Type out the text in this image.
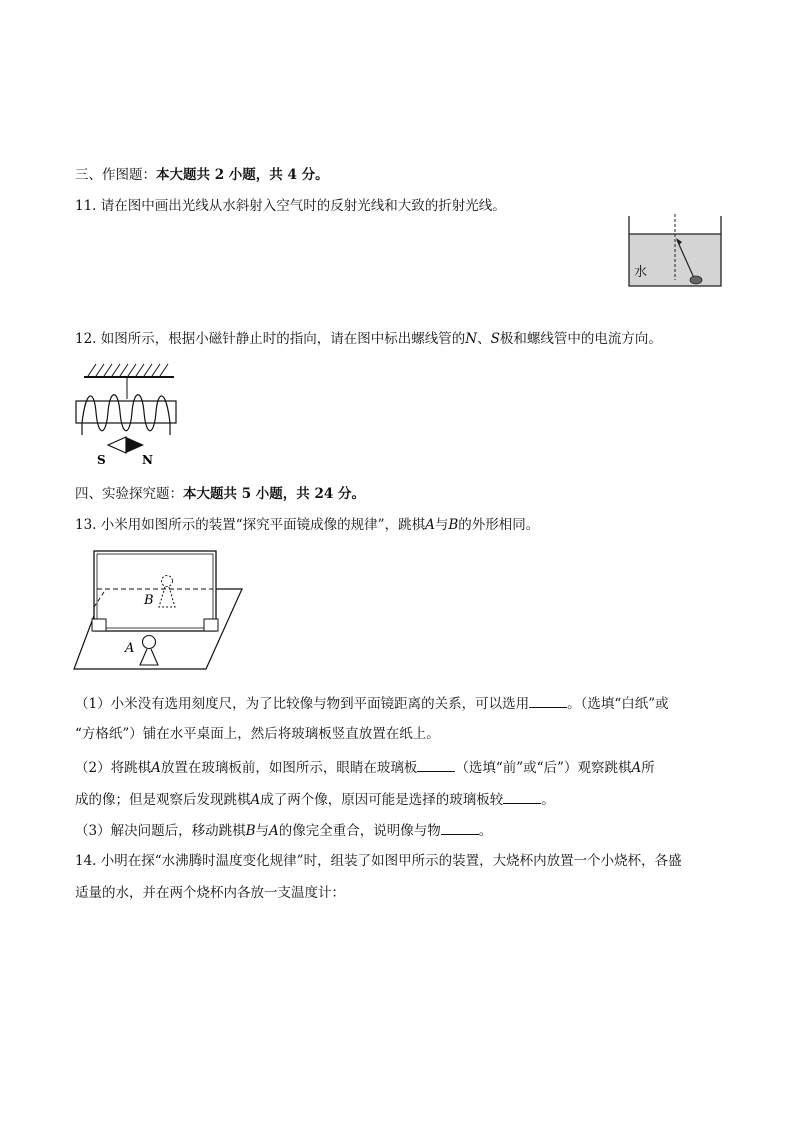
三、作图题：本大题共 2 小题，共 4 分。
11. 请在图中画出光线从水斜射入空气时的反射光线和大致的折射光线。
水
12. 如图所示，根据小磁针静止时的指向，请在图中标出螺线管的N、S极和螺线管中的电流方向。
S	N
四、实验探究题：本大题共 5 小题，共 24 分。
13. 小米用如图所示的装置“探究平面镜成像的规律”，跳棋A与B的外形相同。
B
A
（1）小米没有选用刻度尺，为了比较像与物到平面镜距离的关系，可以选用	。（选填“白纸”或
“方格纸”）铺在水平桌面上，然后将玻璃板竖直放置在纸上。
（2）将跳棋A放置在玻璃板前，如图所示，眼睛在玻璃板	（选填“前”或“后”）观察跳棋A所
成的像；但是观察后发现跳棋A成了两个像，原因可能是选择的玻璃板较	。
（3）解决问题后，移动跳棋B与A的像完全重合，说明像与物	。
14. 小明在探“水沸腾时温度变化规律”时，组装了如图甲所示的装置，大烧杯内放置一个小烧杯，各盛
适量的水，并在两个烧杯内各放一支温度计：
